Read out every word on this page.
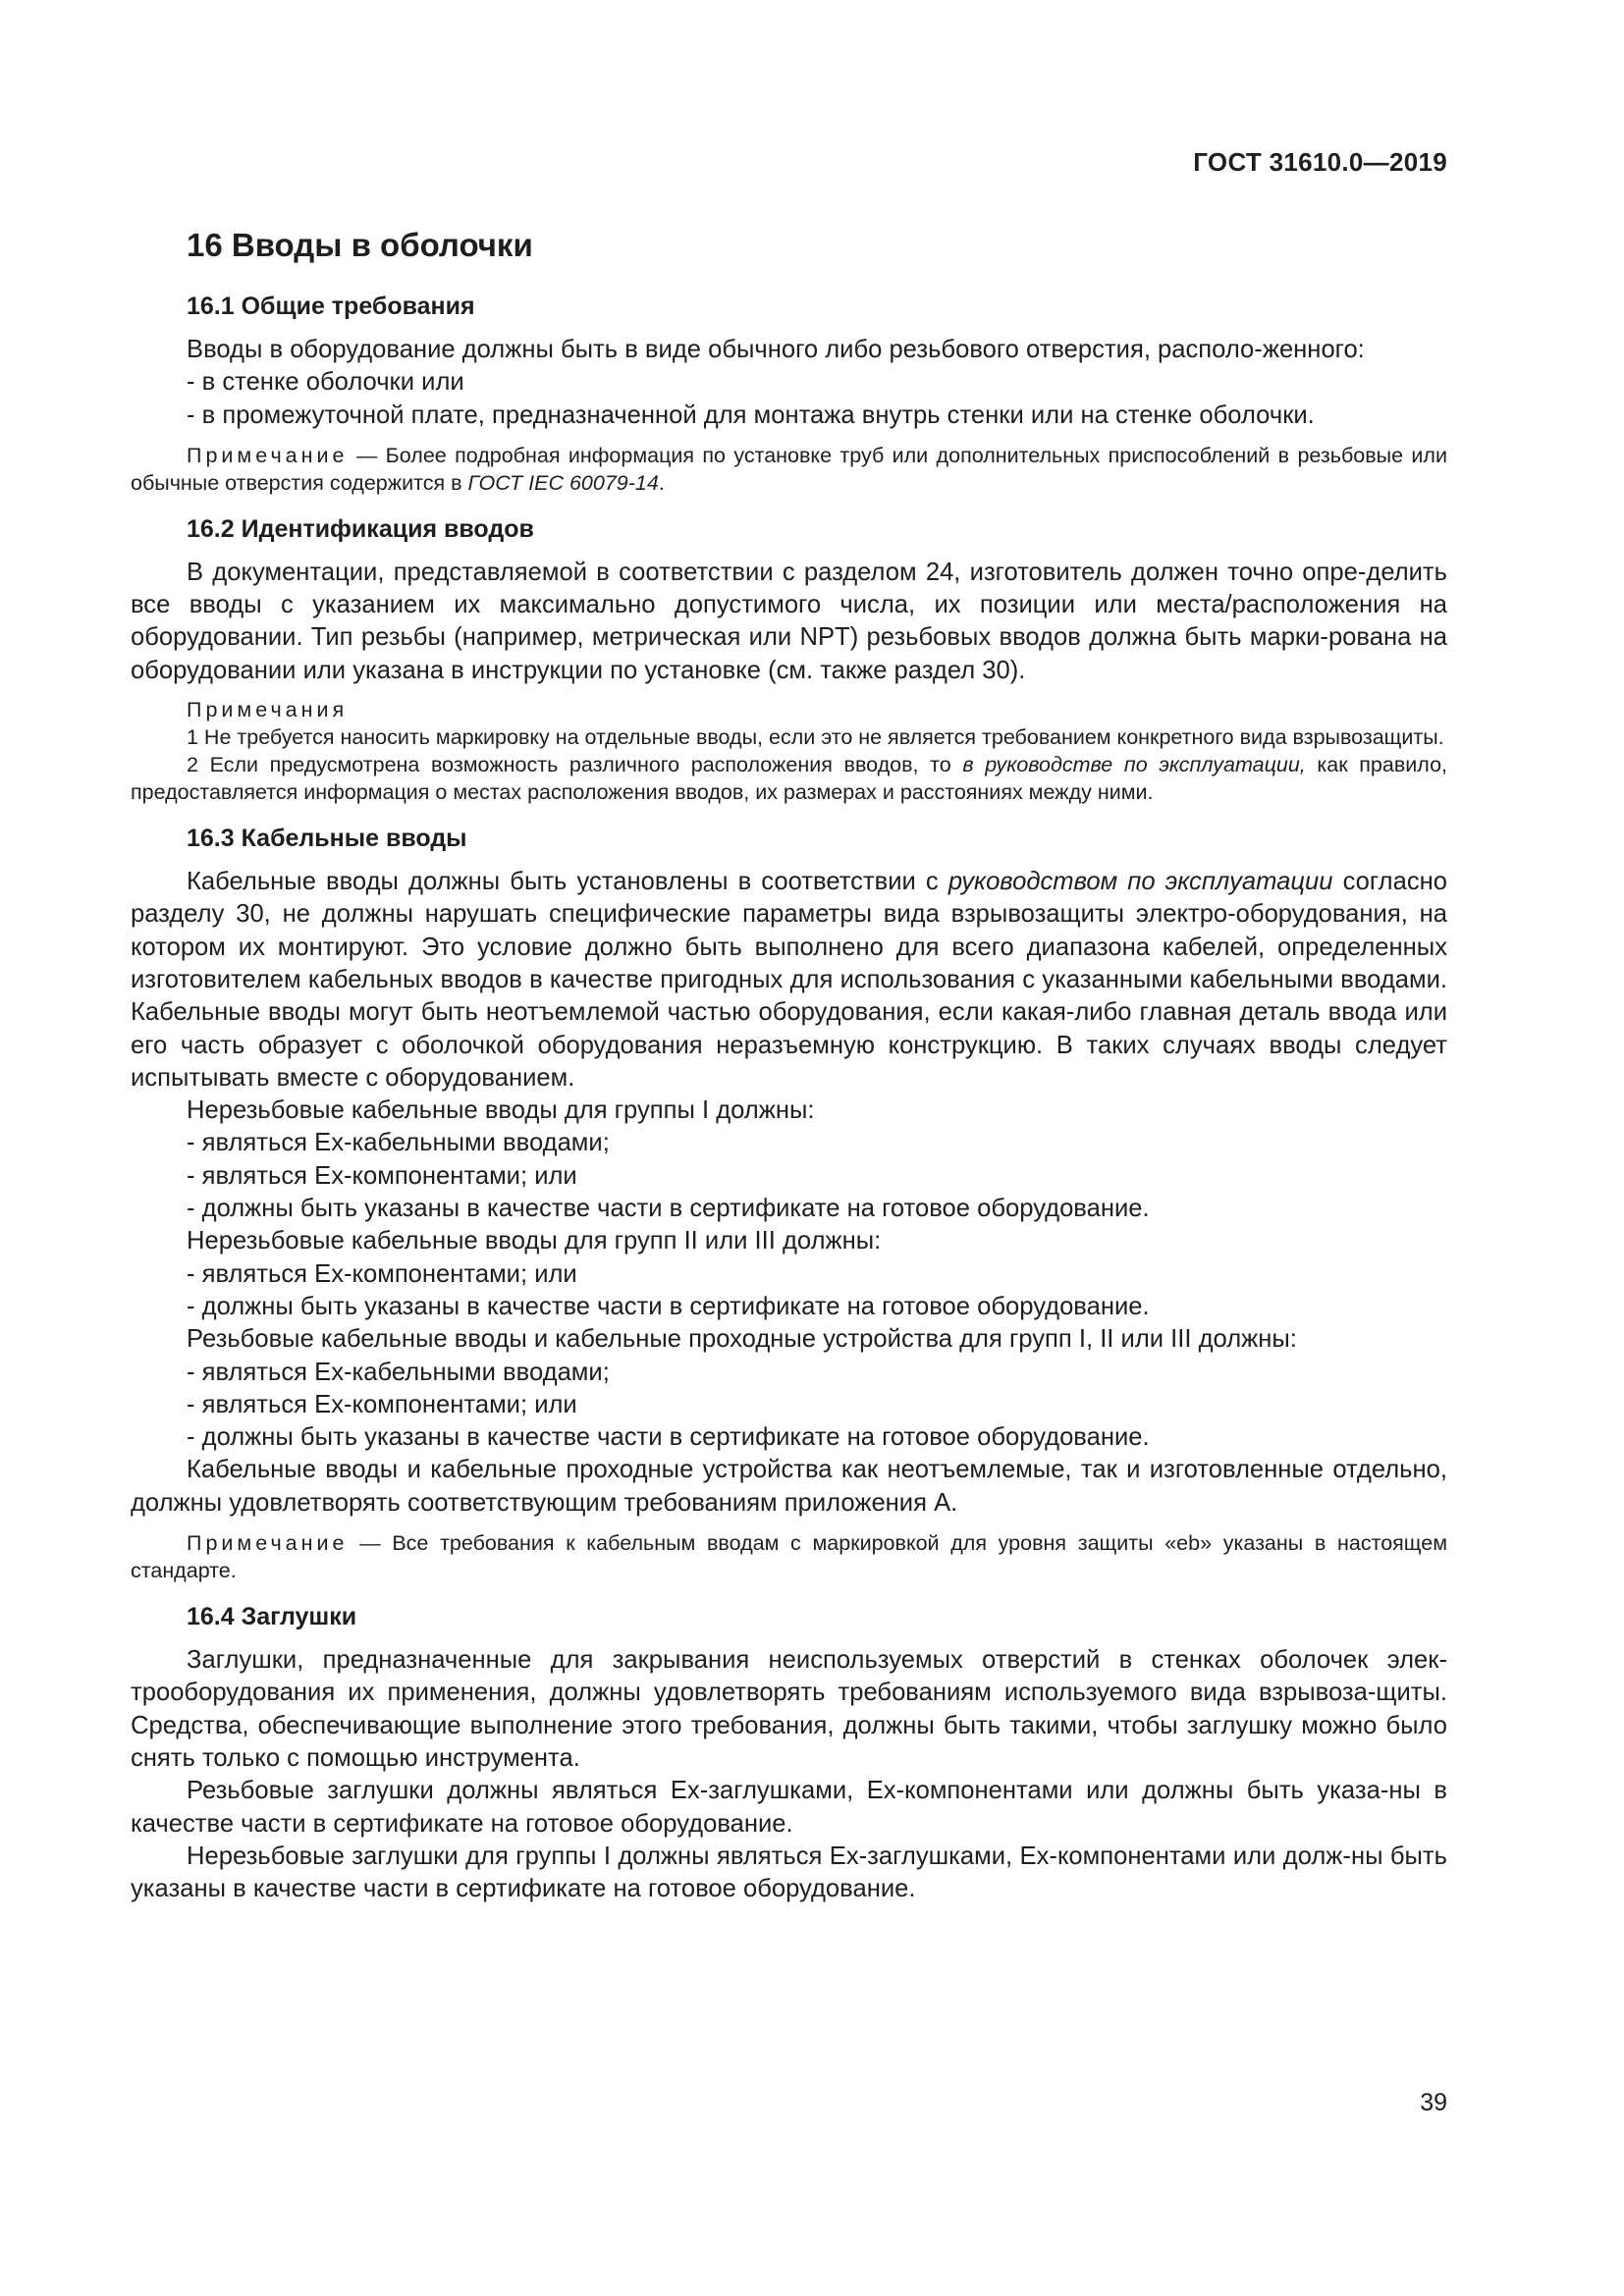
ГОСТ 31610.0—2019
16 Вводы в оболочки
16.1 Общие требования

Вводы в оборудование должны быть в виде обычного либо резьбового отверстия, располо-женного:

- в стенке оболочки или
- в промежуточной плате, предназначенной для монтажа внутрь стенки или на стенке оболочки.

Примечание — Более подробная информация по установке труб или дополнительных приспособлений в резьбовые или обычные отверстия содержится в ГОСТ IEC 60079-14.

16.2 Идентификация вводов

В документации, представляемой в соответствии с разделом 24, изготовитель должен точно опре-делить все вводы с указанием их максимально допустимого числа, их позиции или места/расположения на оборудовании. Тип резьбы (например, метрическая или NPT) резьбовых вводов должна быть марки-рована на оборудовании или указана в инструкции по установке (см. также раздел 30).

Примечания

1 Не требуется наносить маркировку на отдельные вводы, если это не является требованием конкретного вида взрывозащиты.

2 Если предусмотрена возможность различного расположения вводов, то в руководстве по эксплуатации, как правило, предоставляется информация о местах расположения вводов, их размерах и расстояниях между ними.

16.3 Кабельные вводы

Кабельные вводы должны быть установлены в соответствии с руководством по эксплуатации согласно разделу 30, не должны нарушать специфические параметры вида взрывозащиты электро-оборудования, на котором их монтируют. Это условие должно быть выполнено для всего диапазона кабелей, определенных изготовителем кабельных вводов в качестве пригодных для использования с указанными кабельными вводами. Кабельные вводы могут быть неотъемлемой частью оборудования, если какая-либо главная деталь ввода или его часть образует с оболочкой оборудования неразъемную конструкцию. В таких случаях вводы следует испытывать вместе с оборудованием.

Нерезьбовые кабельные вводы для группы I должны:

- являться Ex-кабельными вводами;
- являться Ex-компонентами; или
- должны быть указаны в качестве части в сертификате на готовое оборудование.

Нерезьбовые кабельные вводы для групп II или III должны:

- являться Ex-компонентами; или
- должны быть указаны в качестве части в сертификате на готовое оборудование.

Резьбовые кабельные вводы и кабельные проходные устройства для групп I, II или III должны:

- являться Ex-кабельными вводами;
- являться Ex-компонентами; или
- должны быть указаны в качестве части в сертификате на готовое оборудование.

Кабельные вводы и кабельные проходные устройства как неотъемлемые, так и изготовленные отдельно, должны удовлетворять соответствующим требованиям приложения А.

Примечание — Все требования к кабельным вводам с маркировкой для уровня защиты «eb» указаны в настоящем стандарте.

16.4 Заглушки

Заглушки, предназначенные для закрывания неиспользуемых отверстий в стенках оболочек элек-трооборудования их применения, должны удовлетворять требованиям используемого вида взрывоза-щиты. Средства, обеспечивающие выполнение этого требования, должны быть такими, чтобы заглушку можно было снять только с помощью инструмента.

Резьбовые заглушки должны являться Ex-заглушками, Ex-компонентами или должны быть указа-ны в качестве части в сертификате на готовое оборудование.

Нерезьбовые заглушки для группы I должны являться Ex-заглушками, Ex-компонентами или долж-ны быть указаны в качестве части в сертификате на готовое оборудование.

39
